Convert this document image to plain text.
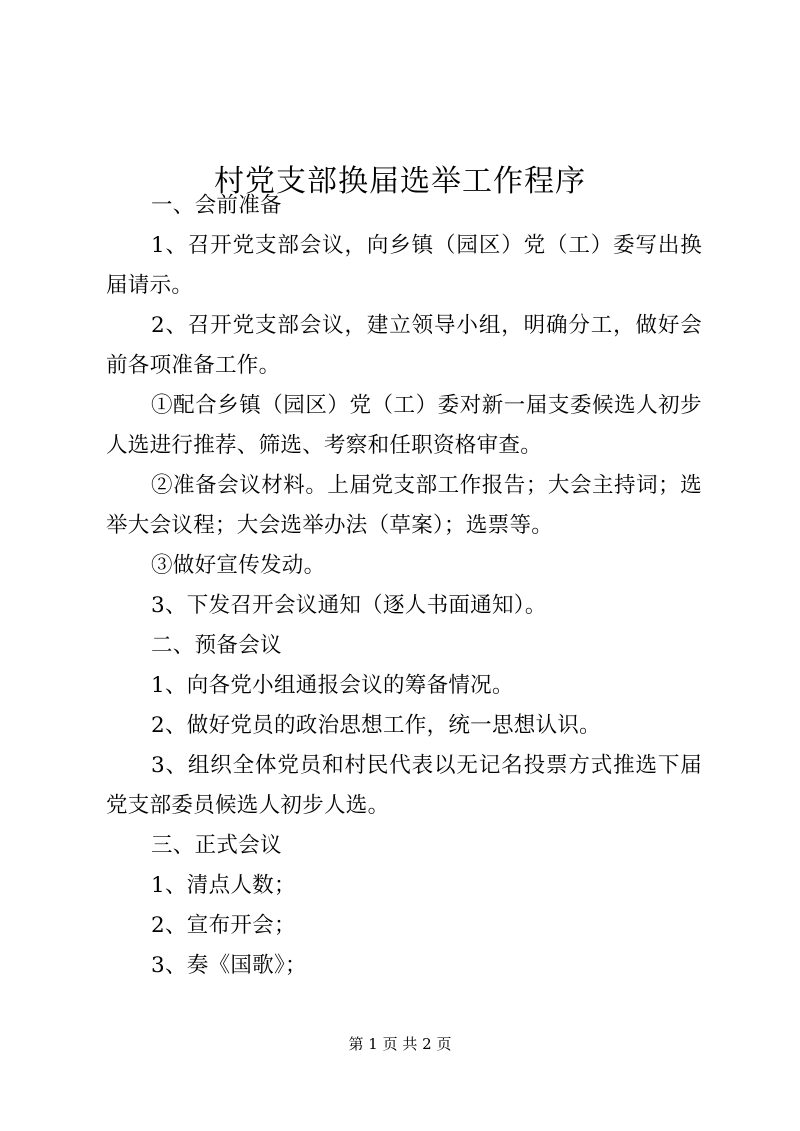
村党支部换届选举工作程序

一、会前准备

1、召开党支部会议，向乡镇（园区）党（工）委写出换届请示。

2、召开党支部会议，建立领导小组，明确分工，做好会前各项准备工作。

①配合乡镇（园区）党（工）委对新一届支委候选人初步人选进行推荐、筛选、考察和任职资格审查。

②准备会议材料。上届党支部工作报告；大会主持词；选举大会议程；大会选举办法（草案）；选票等。

③做好宣传发动。

3、下发召开会议通知（逐人书面通知）。

二、预备会议

1、向各党小组通报会议的筹备情况。

2、做好党员的政治思想工作，统一思想认识。

3、组织全体党员和村民代表以无记名投票方式推选下届党支部委员候选人初步人选。

三、正式会议

1、清点人数；

2、宣布开会；

3、奏《国歌》；

第 1 页 共 2 页
